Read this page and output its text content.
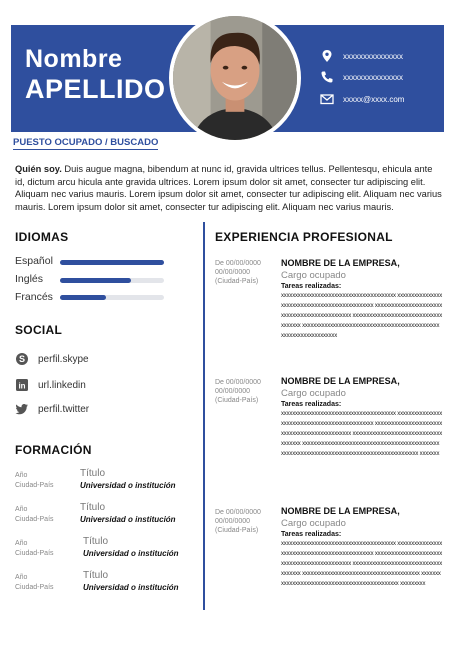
Nombre
APELLIDO
xxxxxxxxxxxxxxx
xxxxxxxxxxxxxxx
xxxxx@xxxx.com
PUESTO OCUPADO / BUSCADO
Quién soy. Duis augue magna, bibendum at nunc id, gravida ultrices tellus. Pellentesqu, ehicula ante id, dictum arcu hicula ante gravida ultrices. Lorem ipsum dolor sit amet, consecter tur adipiscing elit. Aliquam nec varius mauris. Lorem ipsum dolor sit amet, consecter tur adipiscing elit. Aliquam nec varius mauris. Lorem ipsum dolor sit amet, consecter tur adipiscing elit. Aliquam nec varius mauris.
IDIOMAS
Español
Inglés
Francés
SOCIAL
S perfil.skype
in url.linkedin
perfil.twitter
FORMACIÓN
Año
Ciudad-País
Título
Universidad o institución
Año
Ciudad-País
Título
Universidad o institución
Año
Ciudad-País
Título
Universidad o institución
Año
Ciudad-País
Título
Universidad o institución
EXPERIENCIA PROFESIONAL
De 00/00/0000
00/00/0000
(Ciudad-País)
NOMBRE DE LA EMPRESA,
Cargo ocupado
Tareas realizadas:
xxxxxxxxxxxxxxxxxxxxxxxxxxxxxxxxxxxxxxxxx xxxxxxxxxxxxxxxxxxxxxxxxxxxxxxxxxxxxxxxxxxxxxxxxx xxxxxxxxxxxxxxxxxxxxxxxxxxxxxxxxxxxxxxxxxxxxxxxxx xxxxxxxxxxxxxxxxxxxxxxxxxxxxxxxxxxxxxxx xxxxxxxxxxxxxxxxxxxxxxxxxxxxxxxxxxxxxxxxxxxxxxxxx xxxxxxxxxxxxxxxxxxxx
De 00/00/0000
00/00/0000
(Ciudad-País)
NOMBRE DE LA EMPRESA,
Cargo ocupado
Tareas realizadas:
xxxxxxxxxxxxxxxxxxxxxxxxxxxxxxxxxxxxxxxxx xxxxxxxxxxxxxxxxxxxxxxxxxxxxxxxxxxxxxxxxxxxxxxxxx xxxxxxxxxxxxxxxxxxxxxxxxxxxxxxxxxxxxxxxxxxxxxxxxx xxxxxxxxxxxxxxxxxxxxxxxxxxxxxxxxxxxxxxx xxxxxxxxxxxxxxxxxxxxxxxxxxxxxxxxxxxxxxxxxxxxxxxxx xxxxxxxxxxxxxxxxxxxxxxxxxxxxxxxxxxxxxxxxxxxxxxxxx xxxxxxx
De 00/00/0000
00/00/0000
(Ciudad-País)
NOMBRE DE LA EMPRESA,
Cargo ocupado
Tareas realizadas:
xxxxxxxxxxxxxxxxxxxxxxxxxxxxxxxxxxxxxxxxx xxxxxxxxxxxxxxxxxxxxxxxxxxxxxxxxxxxxxxxxxxxxxxxxx xxxxxxxxxxxxxxxxxxxxxxxxxxxxxxxxxxxxxxxxxxxxxxxxx xxxxxxxxxxxxxxxxxxxxxxxxxxxxxxxxxxxxxxx xxxxxxxxxxxxxxxxxxxxxxxxxxxxxxxxxxxxxxxxxx xxxxxxxxxxxxxxxxxxxxxxxxxxxxxxxxxxxxxxxxxxxxxxxxx xxxxxxxxx
